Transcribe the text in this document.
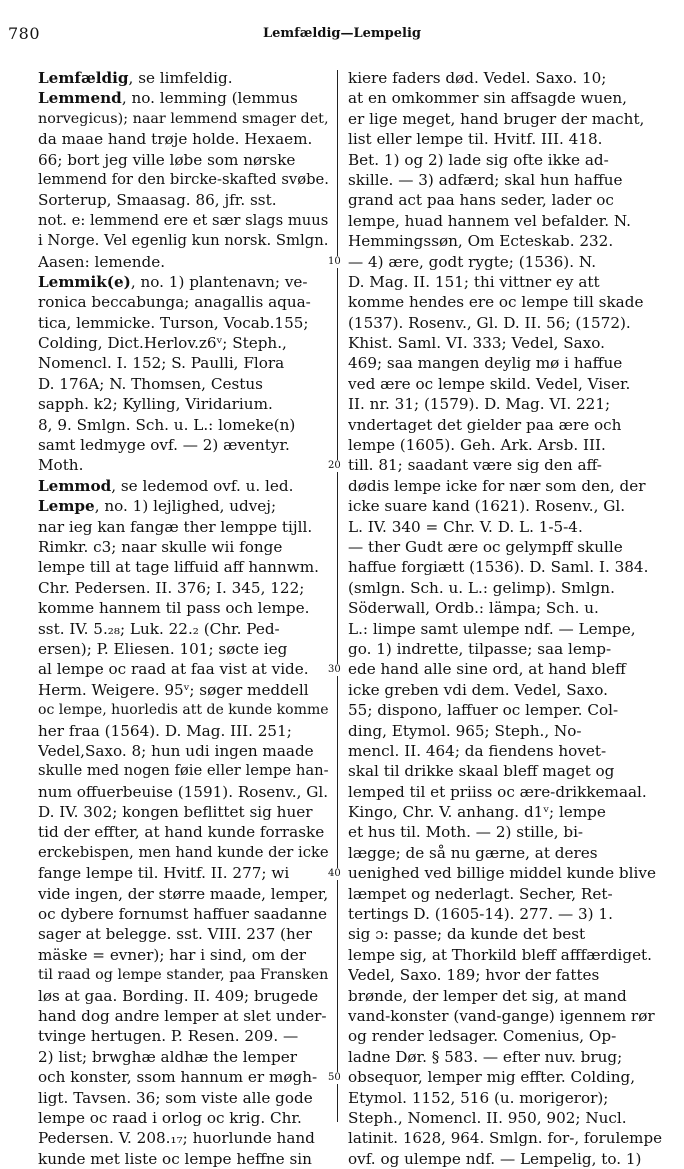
780	Lemfældig—Lempelig
Lemfældig, se limfeldig.
Lemmend, no. lemming (lemmus
norvegicus); naar lemmend smager det,
da maae hand trøje holde. Hexaem.
66; bort jeg ville løbe som nørske
lemmend for den bircke-skafted svøbe.
Sorterup, Smaasag. 86, jfr. sst.
not. e: lemmend ere et sær slags muus
i Norge. Vel egenlig kun norsk. Smlgn.
Aasen: lemende.
Lemmik(e), no. 1) plantenavn; ve-
ronica beccabunga; anagallis aqua-
tica, lemmicke. Turson, Vocab.155;
Colding, Dict.Herlov.z6ᵛ; Steph.,
Nomencl. I. 152; S. Paulli, Flora
D. 176A; N. Thomsen, Cestus
sapph. k2; Kylling, Viridarium.
8, 9. Smlgn. Sch. u. L.: lomeke(n)
samt ledmyge ovf. — 2) æventyr.
Moth.
Lemmod, se ledemod ovf. u. led.
Lempe, no. 1) lejlighed, udvej;
nar ieg kan fangæ ther lemppe tijll.
Rimkr. c3; naar skulle wii fonge
lempe till at tage liffuid aff hannwm.
Chr. Pedersen. II. 376; I. 345, 122;
komme hannem til pass och lempe.
sst. IV. 5.₂₈; Luk. 22.₂ (Chr. Ped-
ersen); P. Eliesen. 101; søcte ieg
al lempe oc raad at faa vist at vide.
Herm. Weigere. 95ᵛ; søger meddell
oc lempe, huorledis att de kunde komme
her fraa (1564). D. Mag. III. 251;
Vedel,Saxo. 8; hun udi ingen maade
skulle med nogen føie eller lempe han-
num offuerbeuise (1591). Rosenv., Gl.
D. IV. 302; kongen beflittet sig huer
tid der effter, at hand kunde forraske
erckebispen, men hand kunde der icke
fange lempe til. Hvitf. II. 277; wi
vide ingen, der større maade, lemper,
oc dybere fornumst haffuer saadanne
sager at belegge. sst. VIII. 237 (her
mäske = evner); har i sind, om der
til raad og lempe stander, paa Fransken
løs at gaa. Bording. II. 409; brugede
hand dog andre lemper at slet under-
tvinge hertugen. P. Resen. 209. —
2) list; brwghæ aldhæ the lemper
och konster, ssom hannum er møgh-
ligt. Tavsen. 36; som viste alle gode
lempe oc raad i orlog oc krig. Chr.
Pedersen. V. 208.₁₇; huorlunde hand
kunde met liste oc lempe heffne sin
kiere faders død. Vedel. Saxo. 10;
at en omkommer sin affsagde wuen,
er lige meget, hand bruger der macht,
list eller lempe til. Hvitf. III. 418.
Bet. 1) og 2) lade sig ofte ikke ad-
skille. — 3) adfærd; skal hun haffue
grand act paa hans seder, lader oc
lempe, huad hannem vel befalder. N.
Hemmingssøn, Om Ecteskab. 232.
— 4) ære, godt rygte; (1536). N.
D. Mag. II. 151; thi vittner ey att
komme hendes ere oc lempe till skade
(1537). Rosenv., Gl. D. II. 56; (1572).
Khist. Saml. VI. 333; Vedel, Saxo.
469; saa mangen deylig mø i haffue
ved ære oc lempe skild. Vedel, Viser.
II. nr. 31; (1579). D. Mag. VI. 221;
vndertaget det gielder paa ære och
lempe (1605). Geh. Ark. Arsb. III.
till. 81; saadant være sig den aff-
dødis lempe icke for nær som den, der
icke suare kand (1621). Rosenv., Gl.
L. IV. 340 = Chr. V. D. L. 1-5-4.
— ther Gudt ære oc gelympff skulle
haffue forgiætt (1536). D. Saml. I. 384.
(smlgn. Sch. u. L.: gelimp). Smlgn.
Söderwall, Ordb.: lämpa; Sch. u.
L.: limpe samt ulempe ndf. — Lempe,
go. 1) indrette, tilpasse; saa lemp-
ede hand alle sine ord, at hand bleff
icke greben vdi dem. Vedel, Saxo.
55; dispono, laffuer oc lemper. Col-
ding, Etymol. 965; Steph., No-
mencl. II. 464; da fiendens hovet-
skal til drikke skaal bleff maget og
lemped til et priiss oc ære-drikkemaal.
Kingo, Chr. V. anhang. d1ᵛ; lempe
et hus til. Moth. — 2) stille, bi-
lægge; de så nu gærne, at deres
uenighed ved billige middel kunde blive
læmpet og nederlagt. Secher, Ret-
tertings D. (1605-14). 277. — 3) 1.
sig ɔ: passe; da kunde det best
lempe sig, at Thorkild bleff afffærdiget.
Vedel, Saxo. 189; hvor der fattes
brønde, der lemper det sig, at mand
vand-konster (vand-gange) igennem rør
og render ledsager. Comenius, Op-
ladne Dør. § 583. — efter nuv. brug;
obsequor, lemper mig effter. Colding,
Etymol. 1152, 516 (u. morigeror);
Steph., Nomencl. II. 950, 902; Nucl.
latinit. 1628, 964. Smlgn. for-, forulempe
ovf. og ulempe ndf. — Lempelig, to. 1)
10
20
30
40
50
